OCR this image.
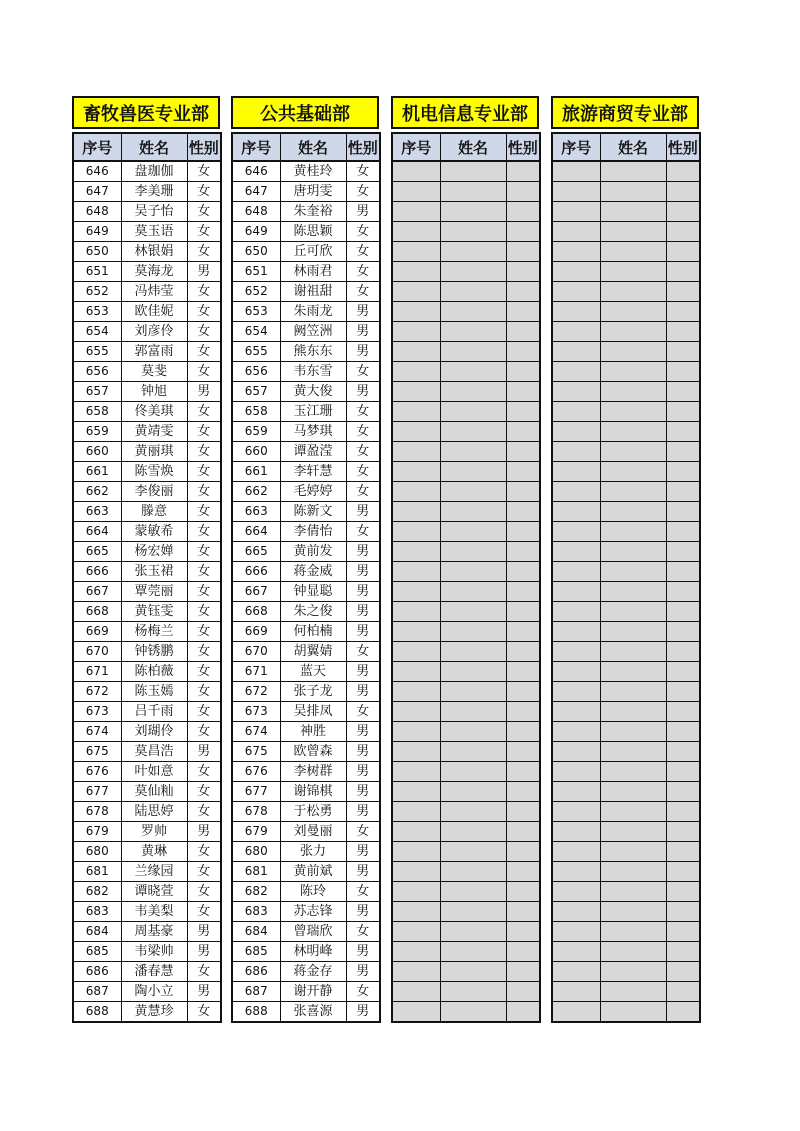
畜牧兽医专业部
序号	姓名	性别
646	盘珈伽	女
647	李美珊	女
648	吴子怡	女
649	莫玉语	女
650	林银娟	女
651	莫海龙	男
652	冯炜莹	女
653	欧佳妮	女
654	刘彦伶	女
655	郭富雨	女
656	莫斐	女
657	钟旭	男
658	佟美琪	女
659	黄靖雯	女
660	黄丽琪	女
661	陈雪焕	女
662	李俊丽	女
663	滕意	女
664	蒙敏希	女
665	杨宏婵	女
666	张玉裙	女
667	覃莞丽	女
668	黄钰雯	女
669	杨梅兰	女
670	钟锈鹏	女
671	陈柏薇	女
672	陈玉嫣	女
673	吕千雨	女
674	刘瑚伶	女
675	莫昌浩	男
676	叶如意	女
677	莫仙籼	女
678	陆思婷	女
679	罗帅	男
680	黄琳	女
681	兰缘园	女
682	谭晓萱	女
683	韦美梨	女
684	周基豪	男
685	韦梁帅	男
686	潘春慧	女
687	陶小立	男
688	黄慧珍	女
公共基础部
序号	姓名	性别
646	黄桂玲	女
647	唐玥雯	女
648	朱奎裕	男
649	陈思颖	女
650	丘可欣	女
651	林雨君	女
652	谢祖甜	女
653	朱雨龙	男
654	阙笠洲	男
655	熊东东	男
656	韦东雪	女
657	黄大俊	男
658	玉江珊	女
659	马梦琪	女
660	谭盈滢	女
661	李轩慧	女
662	毛婷婷	女
663	陈新文	男
664	李倩怡	女
665	黄前发	男
666	蒋金威	男
667	钟显聪	男
668	朱之俊	男
669	何柏楠	男
670	胡翼婧	女
671	蓝天	男
672	张子龙	男
673	吴排凤	女
674	神胜	男
675	欧曾森	男
676	李树群	男
677	谢锦棋	男
678	于松勇	男
679	刘曼丽	女
680	张力	男
681	黄前斌	男
682	陈玲	女
683	苏志锋	男
684	曾瑞欣	女
685	林明峰	男
686	蒋金存	男
687	谢开静	女
688	张喜源	男
机电信息专业部
序号	姓名	性别

旅游商贸专业部
序号	姓名	性别
